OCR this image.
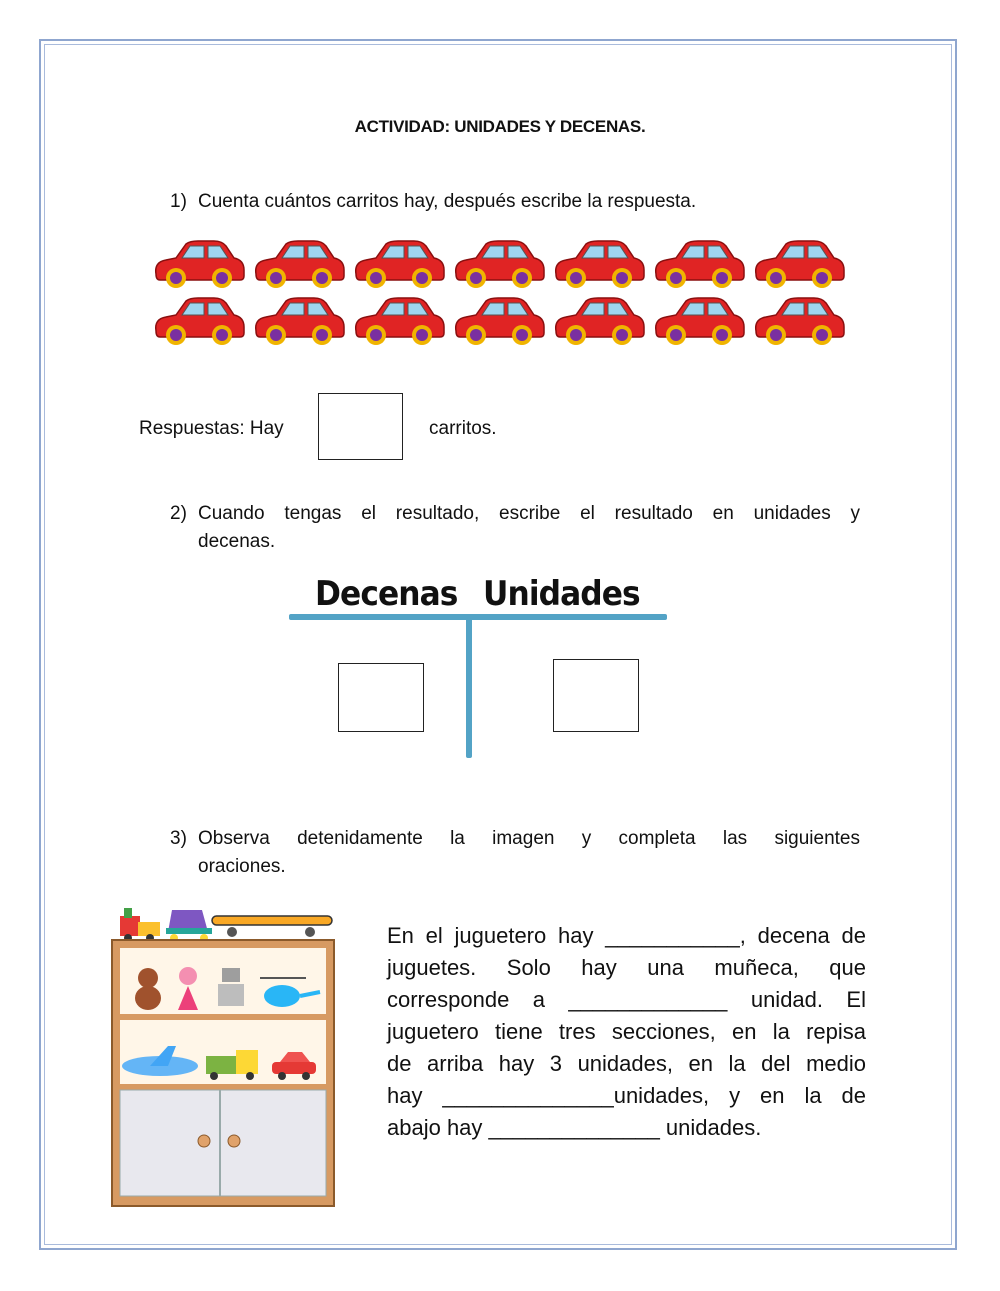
ACTIVIDAD: UNIDADES Y DECENAS.
1) Cuenta cuántos carritos hay, después escribe la respuesta.
Respuestas: Hay	carritos.
2) Cuando tengas el resultado, escribe el resultado en unidades y
decenas.
Decenas Unidades
3) Observa detenidamente la imagen y completa las siguientes
oraciones.
En el juguetero hay ___________, decena de
juguetes. Solo hay una muñeca, que
corresponde a _____________ unidad. El
juguetero tiene tres secciones, en la repisa
de arriba hay 3 unidades, en la del medio
hay ______________unidades, y en la de
abajo hay ______________ unidades.
